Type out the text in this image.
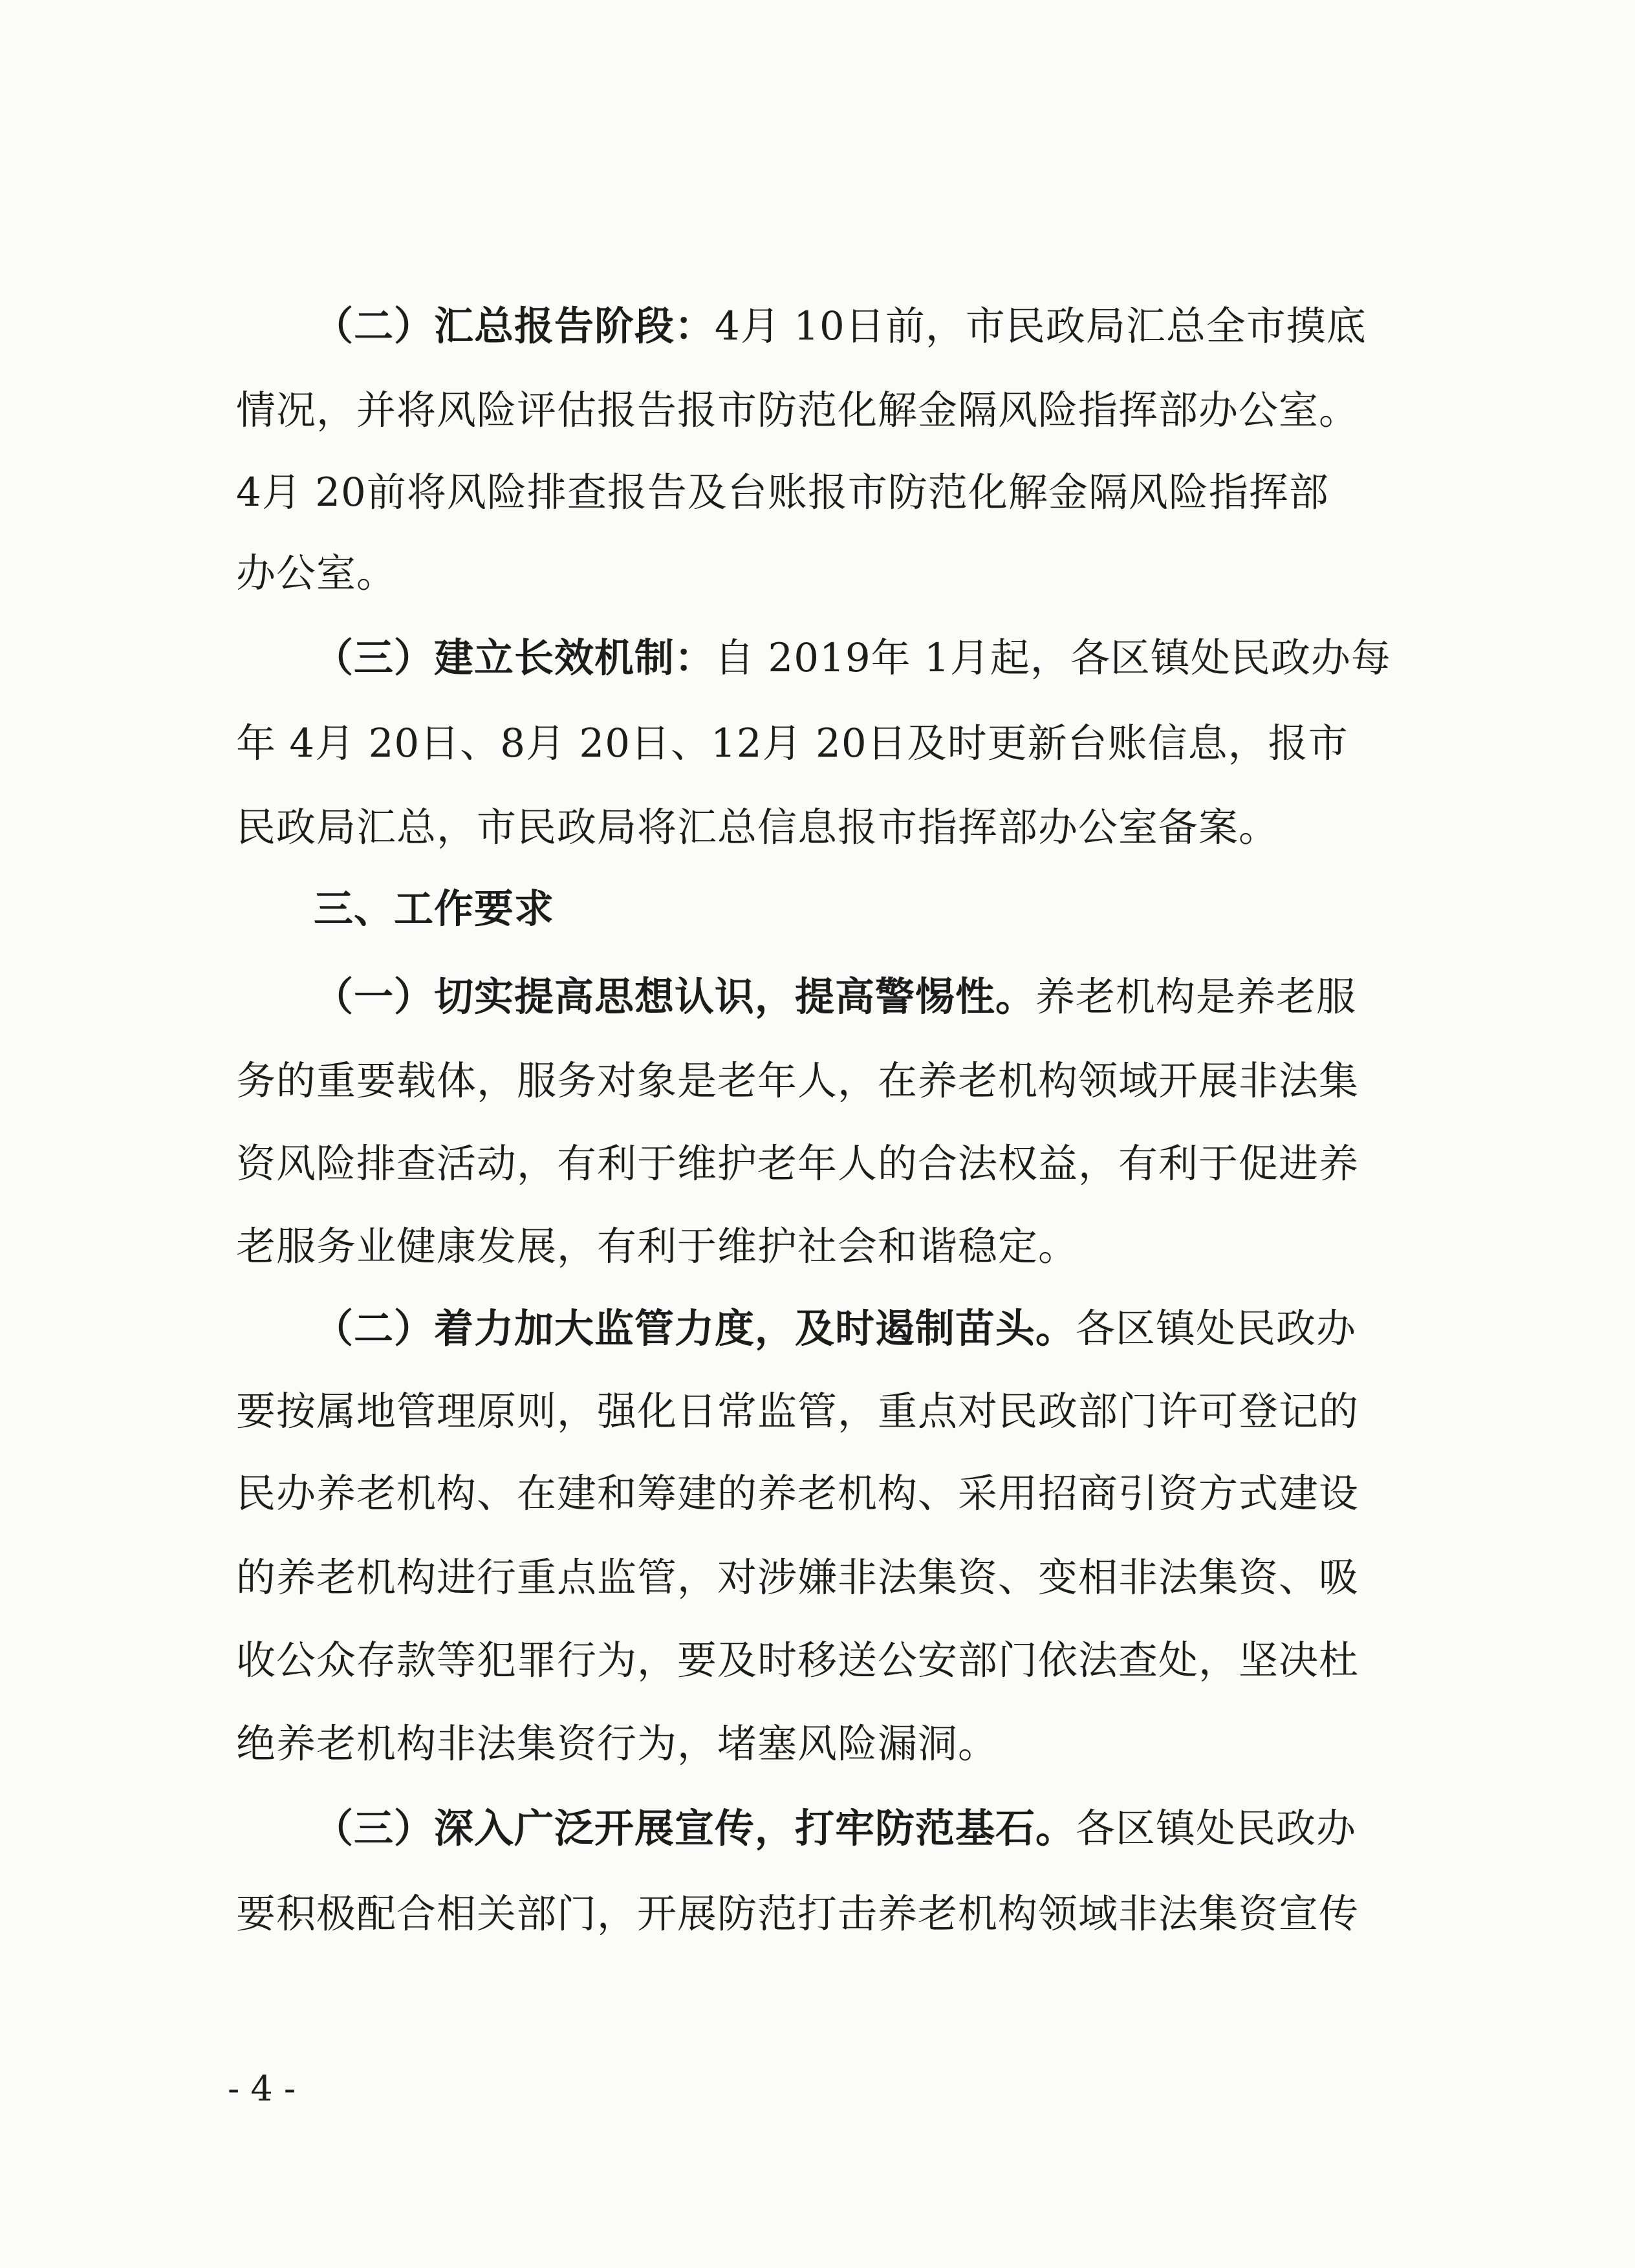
（二）汇总报告阶段：4月 10日前，市民政局汇总全市摸底
情况，并将风险评估报告报市防范化解金隔风险指挥部办公室。
4月 20前将风险排查报告及台账报市防范化解金隔风险指挥部
办公室。
（三）建立长效机制：自 2019年 1月起，各区镇处民政办每
年 4月 20日、8月 20日、12月 20日及时更新台账信息，报市
民政局汇总，市民政局将汇总信息报市指挥部办公室备案。
三、工作要求
（一）切实提高思想认识，提高警惕性。养老机构是养老服
务的重要载体，服务对象是老年人，在养老机构领域开展非法集
资风险排查活动，有利于维护老年人的合法权益，有利于促进养
老服务业健康发展，有利于维护社会和谐稳定。
（二）着力加大监管力度，及时遏制苗头。各区镇处民政办
要按属地管理原则，强化日常监管，重点对民政部门许可登记的
民办养老机构、在建和筹建的养老机构、采用招商引资方式建设
的养老机构进行重点监管，对涉嫌非法集资、变相非法集资、吸
收公众存款等犯罪行为，要及时移送公安部门依法查处，坚决杜
绝养老机构非法集资行为，堵塞风险漏洞。
（三）深入广泛开展宣传，打牢防范基石。各区镇处民政办
要积极配合相关部门，开展防范打击养老机构领域非法集资宣传
- 4 -
